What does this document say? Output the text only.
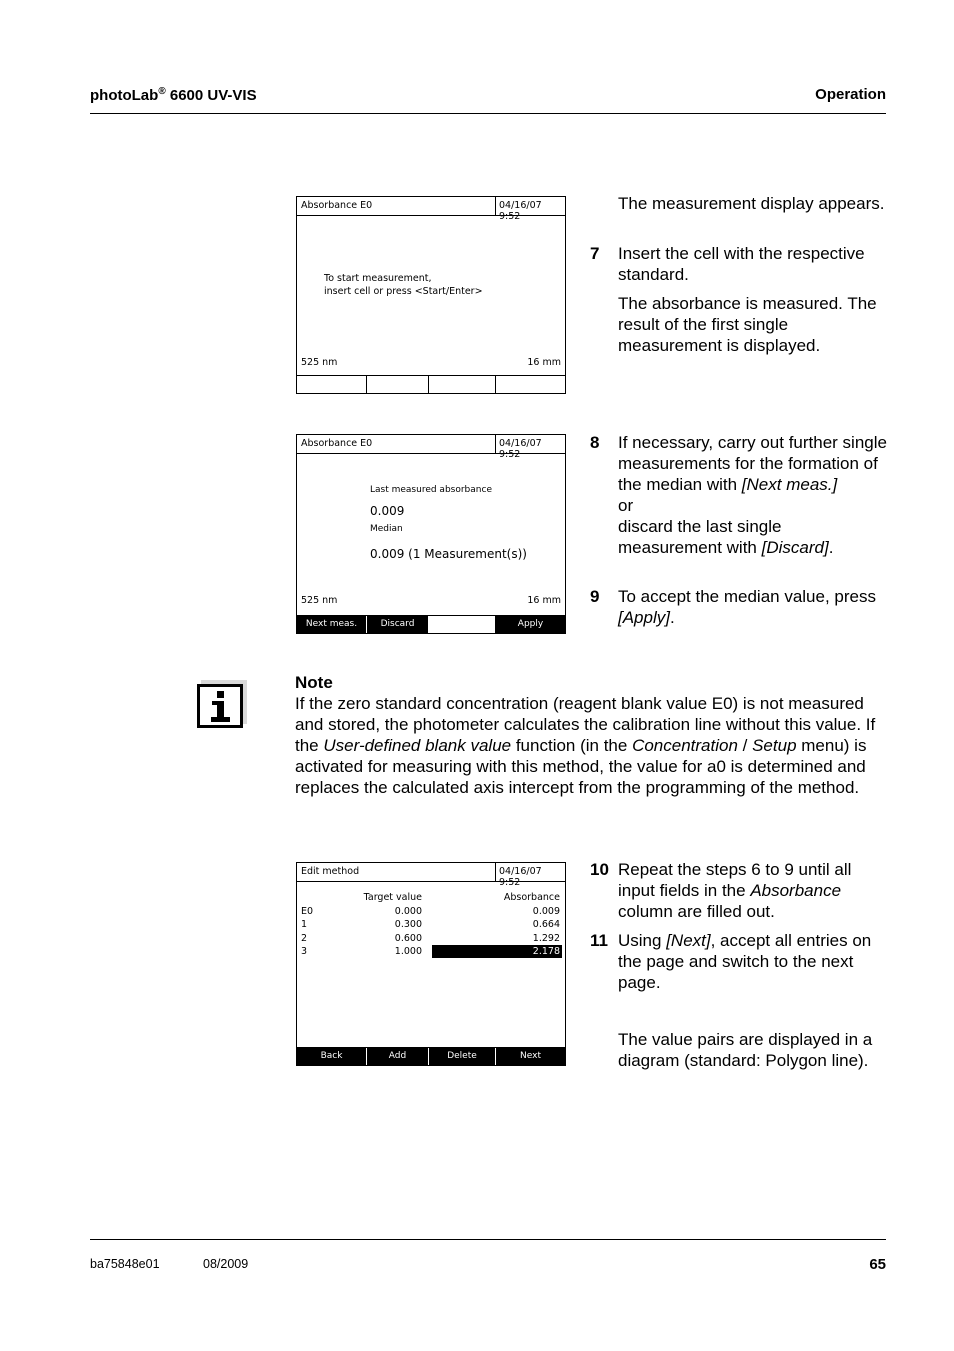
photoLab® 6600 UV-VIS	Operation
Absorbance E0	04/16/07 9:52
To start measurement,
insert cell or press <Start/Enter>
525 nm	16 mm
Absorbance E0	04/16/07 9:52
Last measured absorbance
0.009
Median
0.009 (1 Measurement(s))
525 nm	16 mm
Next meas.	Discard	Apply
Edit method	04/16/07 9:52
Target value	Absorbance
E0	0.000	0.009
1	0.300	0.664
2	0.600	1.292
3	1.000	2.178
Back	Add	Delete	Next
The measurement display appears.
7 Insert the cell with the respective standard.
The absorbance is measured. The result of the first single measurement is displayed.
8 If necessary, carry out further single measurements for the formation of the median with [Next meas.]
or
discard the last single measurement with [Discard].
9 To accept the median value, press [Apply].
Note
If the zero standard concentration (reagent blank value E0) is not measured and stored, the photometer calculates the calibration line without this value. If the User-defined blank value function (in the Concentration / Setup menu) is activated for measuring with this method, the value for a0 is determined and replaces the calculated axis intercept from the programming of the method.
10 Repeat the steps 6 to 9 until all input fields in the Absorbance column are filled out.
11 Using [Next], accept all entries on the page and switch to the next page.
The value pairs are displayed in a diagram (standard: Polygon line).
ba75848e01	08/2009	65
